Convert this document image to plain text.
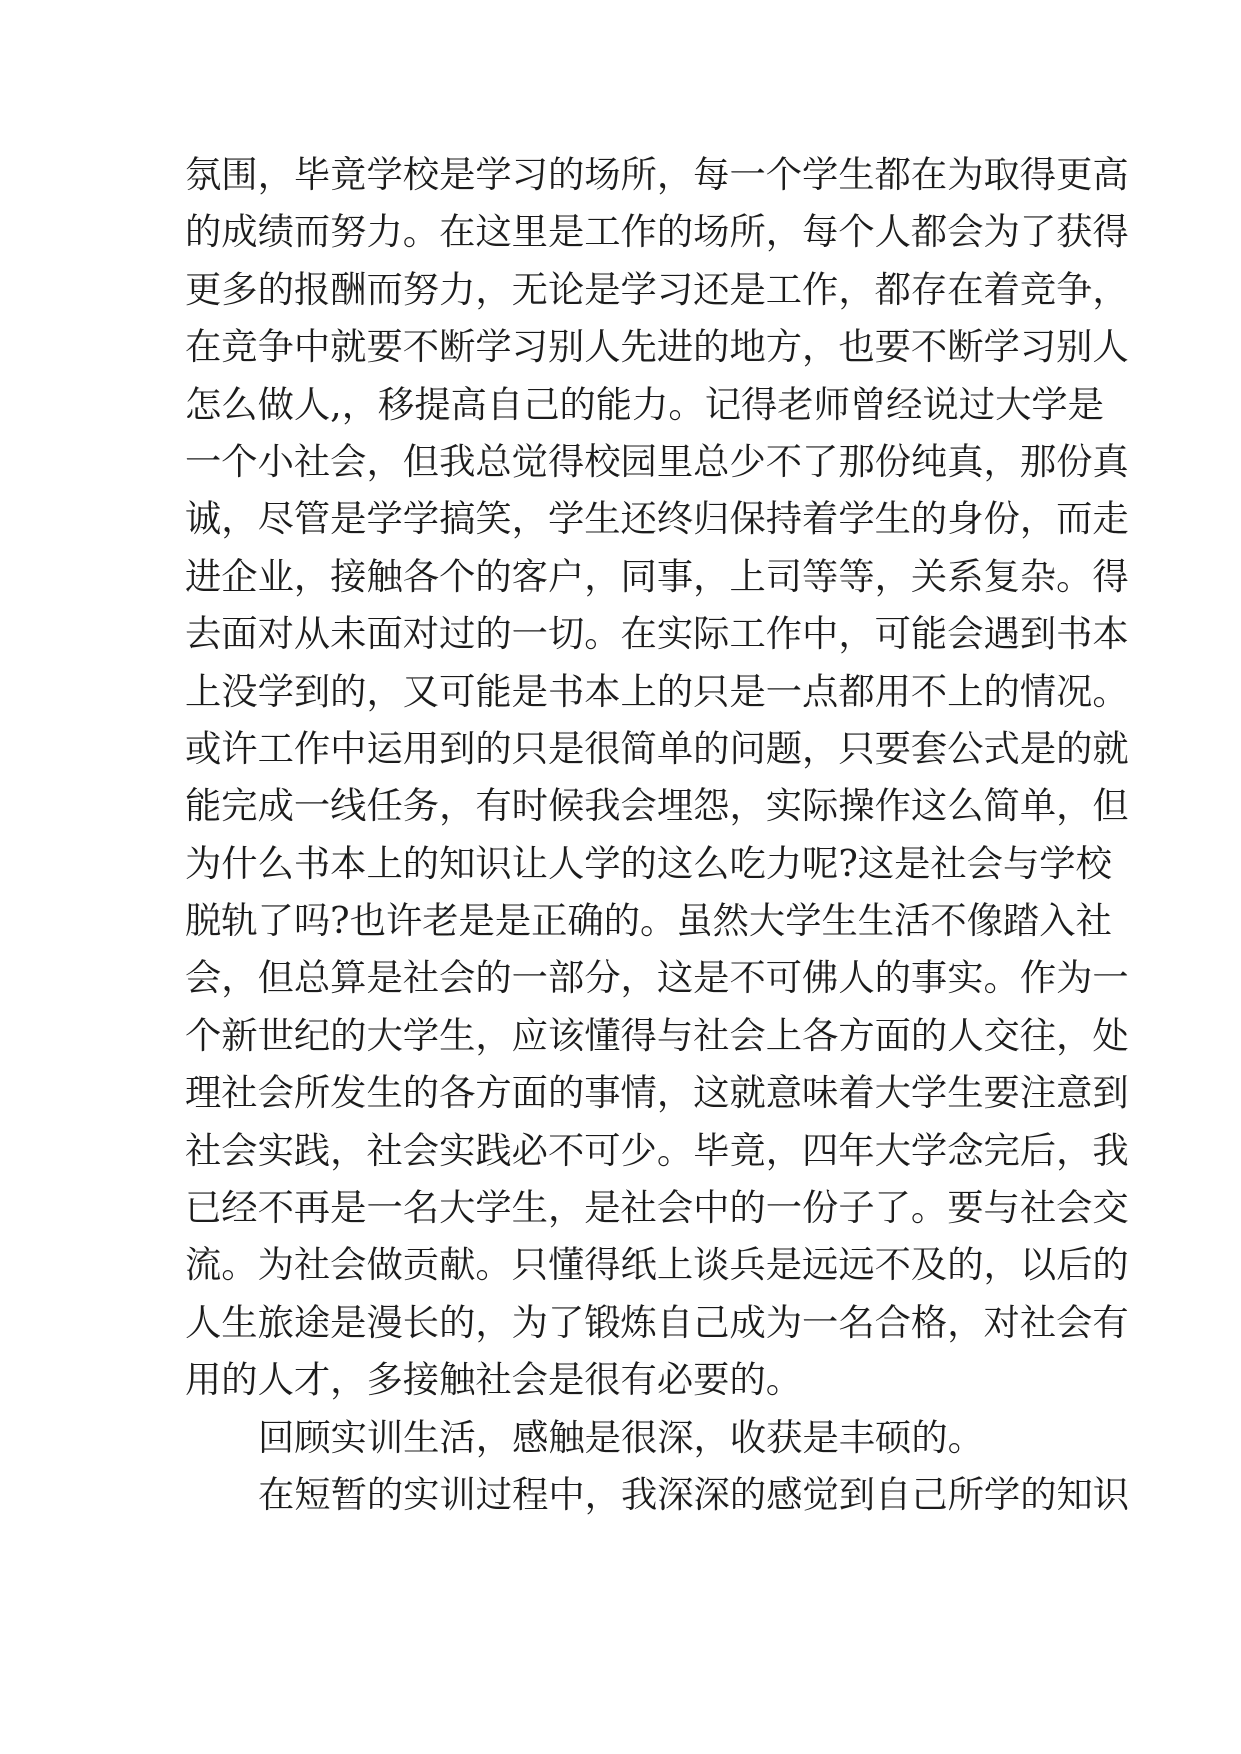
氛围，毕竟学校是学习的场所，每一个学生都在为取得更高
的成绩而努力。在这里是工作的场所，每个人都会为了获得
更多的报酬而努力，无论是学习还是工作，都存在着竞争，
在竞争中就要不断学习别人先进的地方，也要不断学习别人
怎么做人,，移提高自己的能力。记得老师曾经说过大学是
一个小社会，但我总觉得校园里总少不了那份纯真，那份真
诚，尽管是学学搞笑，学生还终归保持着学生的身份，而走
进企业，接触各个的客户，同事，上司等等，关系复杂。得
去面对从未面对过的一切。在实际工作中，可能会遇到书本
上没学到的，又可能是书本上的只是一点都用不上的情况。
或许工作中运用到的只是很简单的问题，只要套公式是的就
能完成一线任务，有时候我会埋怨，实际操作这么简单，但
为什么书本上的知识让人学的这么吃力呢?这是社会与学校
脱轨了吗?也许老是是正确的。虽然大学生生活不像踏入社
会，但总算是社会的一部分，这是不可佛人的事实。作为一
个新世纪的大学生，应该懂得与社会上各方面的人交往，处
理社会所发生的各方面的事情，这就意味着大学生要注意到
社会实践，社会实践必不可少。毕竟，四年大学念完后，我
已经不再是一名大学生，是社会中的一份子了。要与社会交
流。为社会做贡献。只懂得纸上谈兵是远远不及的，以后的
人生旅途是漫长的，为了锻炼自己成为一名合格，对社会有
用的人才，多接触社会是很有必要的。
回顾实训生活，感触是很深，收获是丰硕的。
在短暂的实训过程中，我深深的感觉到自己所学的知识
